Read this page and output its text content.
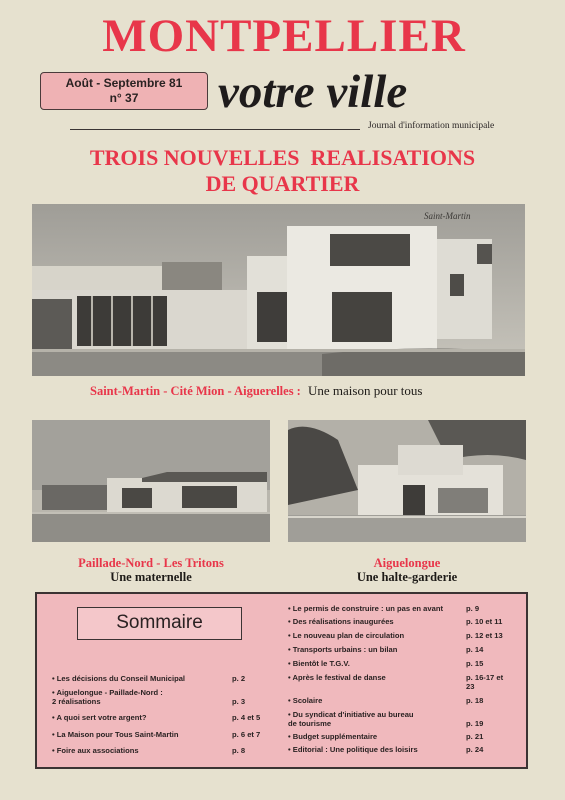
MONTPELLIER
Août - Septembre 81
n° 37	votre ville
Journal d'information municipale
TROIS NOUVELLES  REALISATIONS
DE QUARTIER
Saint-Martin
Saint-Martin - Cité Mion - Aiguerelles : Une maison pour tous
Paillade-Nord - Les Tritons
Une maternelle
Aiguelongue
Une halte-garderie
Sommaire
• Les décisions du Conseil Municipal	p. 2
• Aiguelongue - Paillade-Nord :
2 réalisations	p. 3
• A quoi sert votre argent?	p. 4 et 5
• La Maison pour Tous Saint-Martin	p. 6 et 7
• Foire aux associations	p. 8
• Le permis de construire : un pas en avant	p. 9
• Des réalisations inaugurées	p. 10 et 11
• Le nouveau plan de circulation	p. 12 et 13
• Transports urbains : un bilan	p. 14
• Bientôt le T.G.V.	p. 15
• Après le festival de danse	p. 16-17 et
23
• Scolaire	p. 18
• Du syndicat d'initiative au bureau
de tourisme	p. 19
• Budget supplémentaire	p. 21
• Editorial : Une politique des loisirs	p. 24
